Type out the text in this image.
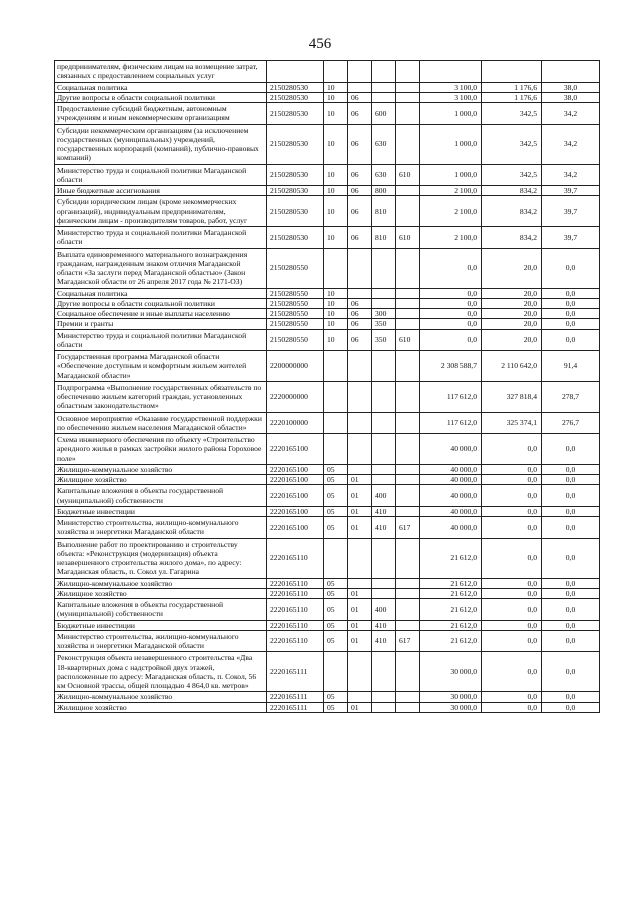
456
предпринимателям, физическим лицам на возмещение затрат, связанных с предоставлением социальных услуг								
Социальная политика	2150280530	10				3 100,0	1 176,6	38,0
Другие вопросы в области социальной политики	2150280530	10	06			3 100,0	1 176,6	38,0
Предоставление субсидий бюджетным, автономным учреждениям и иным некоммерческим организациям	2150280530	10	06	600		1 000,0	342,5	34,2
Субсидии некоммерческим организациям (за исключением государственных (муниципальных) учреждений, государственных корпораций (компаний), публично-правовых компаний)	2150280530	10	06	630		1 000,0	342,5	34,2
Министерство труда и социальной политики Магаданской области	2150280530	10	06	630	610	1 000,0	342,5	34,2
Иные бюджетные ассигнования	2150280530	10	06	800		2 100,0	834,2	39,7
Субсидии юридическим лицам (кроме некоммерческих организаций), индивидуальным предпринимателям, физическим лицам - производителям товаров, работ, услуг	2150280530	10	06	810		2 100,0	834,2	39,7
Министерство труда и социальной политики Магаданской области	2150280530	10	06	810	610	2 100,0	834,2	39,7
Выплата единовременного материального вознаграждения гражданам, награжденным знаком отличия Магаданской области «За заслуги перед Магаданской областью» (Закон Магаданской области от 26 апреля 2017 года № 2171-ОЗ)	2150280550					0,0	20,0	0,0
Социальная политика	2150280550	10				0,0	20,0	0,0
Другие вопросы в области социальной политики	2150280550	10	06			0,0	20,0	0,0
Социальное обеспечение и иные выплаты населению	2150280550	10	06	300		0,0	20,0	0,0
Премии и гранты	2150280550	10	06	350		0,0	20,0	0,0
Министерство труда и социальной политики Магаданской области	2150280550	10	06	350	610	0,0	20,0	0,0
Государственная программа Магаданской области «Обеспечение доступным и комфортным жильем жителей Магаданской области»	2200000000					2 308 588,7	2 110 642,0	91,4
Подпрограмма «Выполнение государственных обязательств по обеспечению жильем категорий граждан, установленных областным законодательством»	2220000000					117 612,0	327 818,4	278,7
Основное мероприятие «Оказание государственной поддержки по обеспечению жильем населения Магаданской области»	2220100000					117 612,0	325 374,1	276,7
Схема инженерного обеспечения по объекту «Строительство арендного жилья в рамках застройки жилого района Гороховое поле»	2220165100					40 000,0	0,0	0,0
Жилищно-коммунальное хозяйство	2220165100	05				40 000,0	0,0	0,0
Жилищное хозяйство	2220165100	05	01			40 000,0	0,0	0,0
Капитальные вложения в объекты государственной (муниципальной) собственности	2220165100	05	01	400		40 000,0	0,0	0,0
Бюджетные инвестиции	2220165100	05	01	410		40 000,0	0,0	0,0
Министерство строительства, жилищно-коммунального хозяйства и энергетики Магаданской области	2220165100	05	01	410	617	40 000,0	0,0	0,0
Выполнение работ по проектированию и строительству объекта: «Реконструкция (модернизация) объекта незавершенного строительства жилого дома», по адресу: Магаданская область, п. Сокол ул. Гагарина	2220165110					21 612,0	0,0	0,0
Жилищно-коммунальное хозяйство	2220165110	05				21 612,0	0,0	0,0
Жилищное хозяйство	2220165110	05	01			21 612,0	0,0	0,0
Капитальные вложения в объекты государственной (муниципальной) собственности	2220165110	05	01	400		21 612,0	0,0	0,0
Бюджетные инвестиции	2220165110	05	01	410		21 612,0	0,0	0,0
Министерство строительства, жилищно-коммунального хозяйства и энергетики Магаданской области	2220165110	05	01	410	617	21 612,0	0,0	0,0
Реконструкция объекта незавершенного строительства «Два 18-квартирных дома с надстройкой двух этажей, расположенные по адресу: Магаданская область, п. Сокол, 56 км Основной трассы, общей площадью 4 864,0 кв. метров»	2220165111					30 000,0	0,0	0,0
Жилищно-коммунальное хозяйство	2220165111	05				30 000,0	0,0	0,0
Жилищное хозяйство	2220165111	05	01			30 000,0	0,0	0,0
